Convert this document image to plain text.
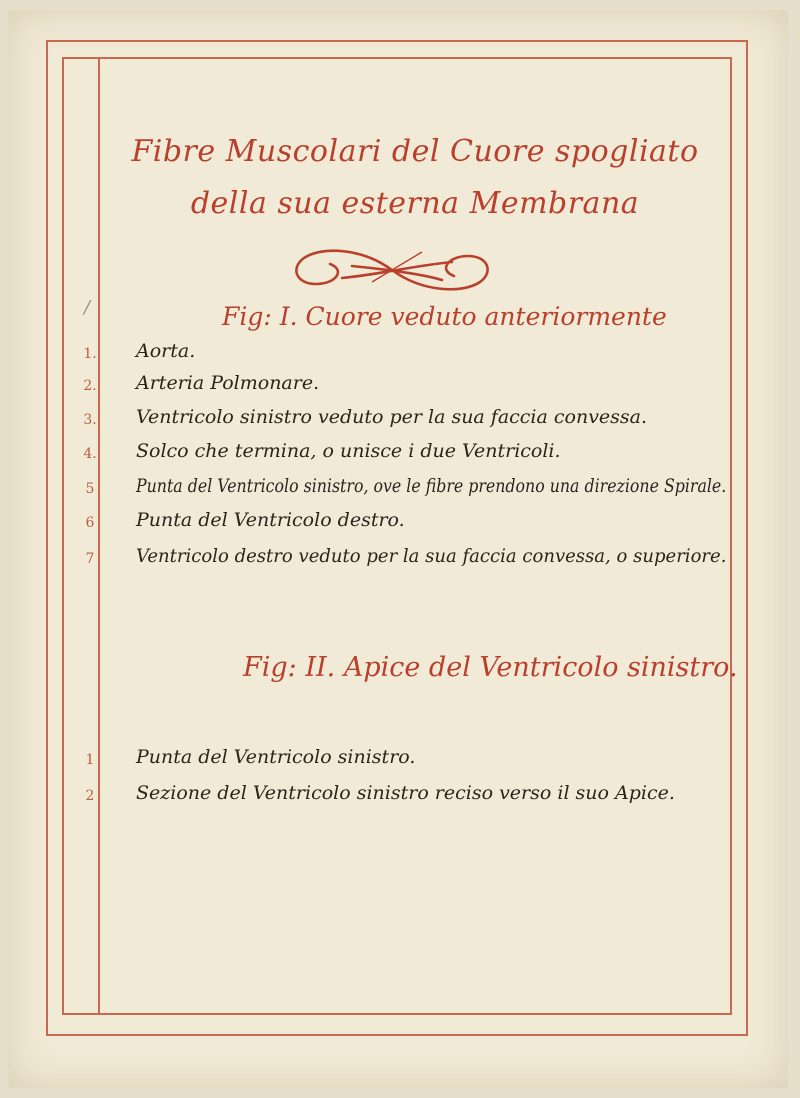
Fibre Muscolari del Cuore spogliato della sua esterna Membrana
/	Fig: I. Cuore veduto anteriormente
1.	Aorta.
2.	Arteria Polmonare.
3.	Ventricolo sinistro veduto per la sua faccia convessa.
4.	Solco che termina, o unisce i due Ventricoli.
5	Punta del Ventricolo sinistro, ove le fibre prendono una direzione Spirale.
6	Punta del Ventricolo destro.
7	Ventricolo destro veduto per la sua faccia convessa, o superiore.
Fig: II. Apice del Ventricolo sinistro.
1	Punta del Ventricolo sinistro.
2	Sezione del Ventricolo sinistro reciso verso il suo Apice.
